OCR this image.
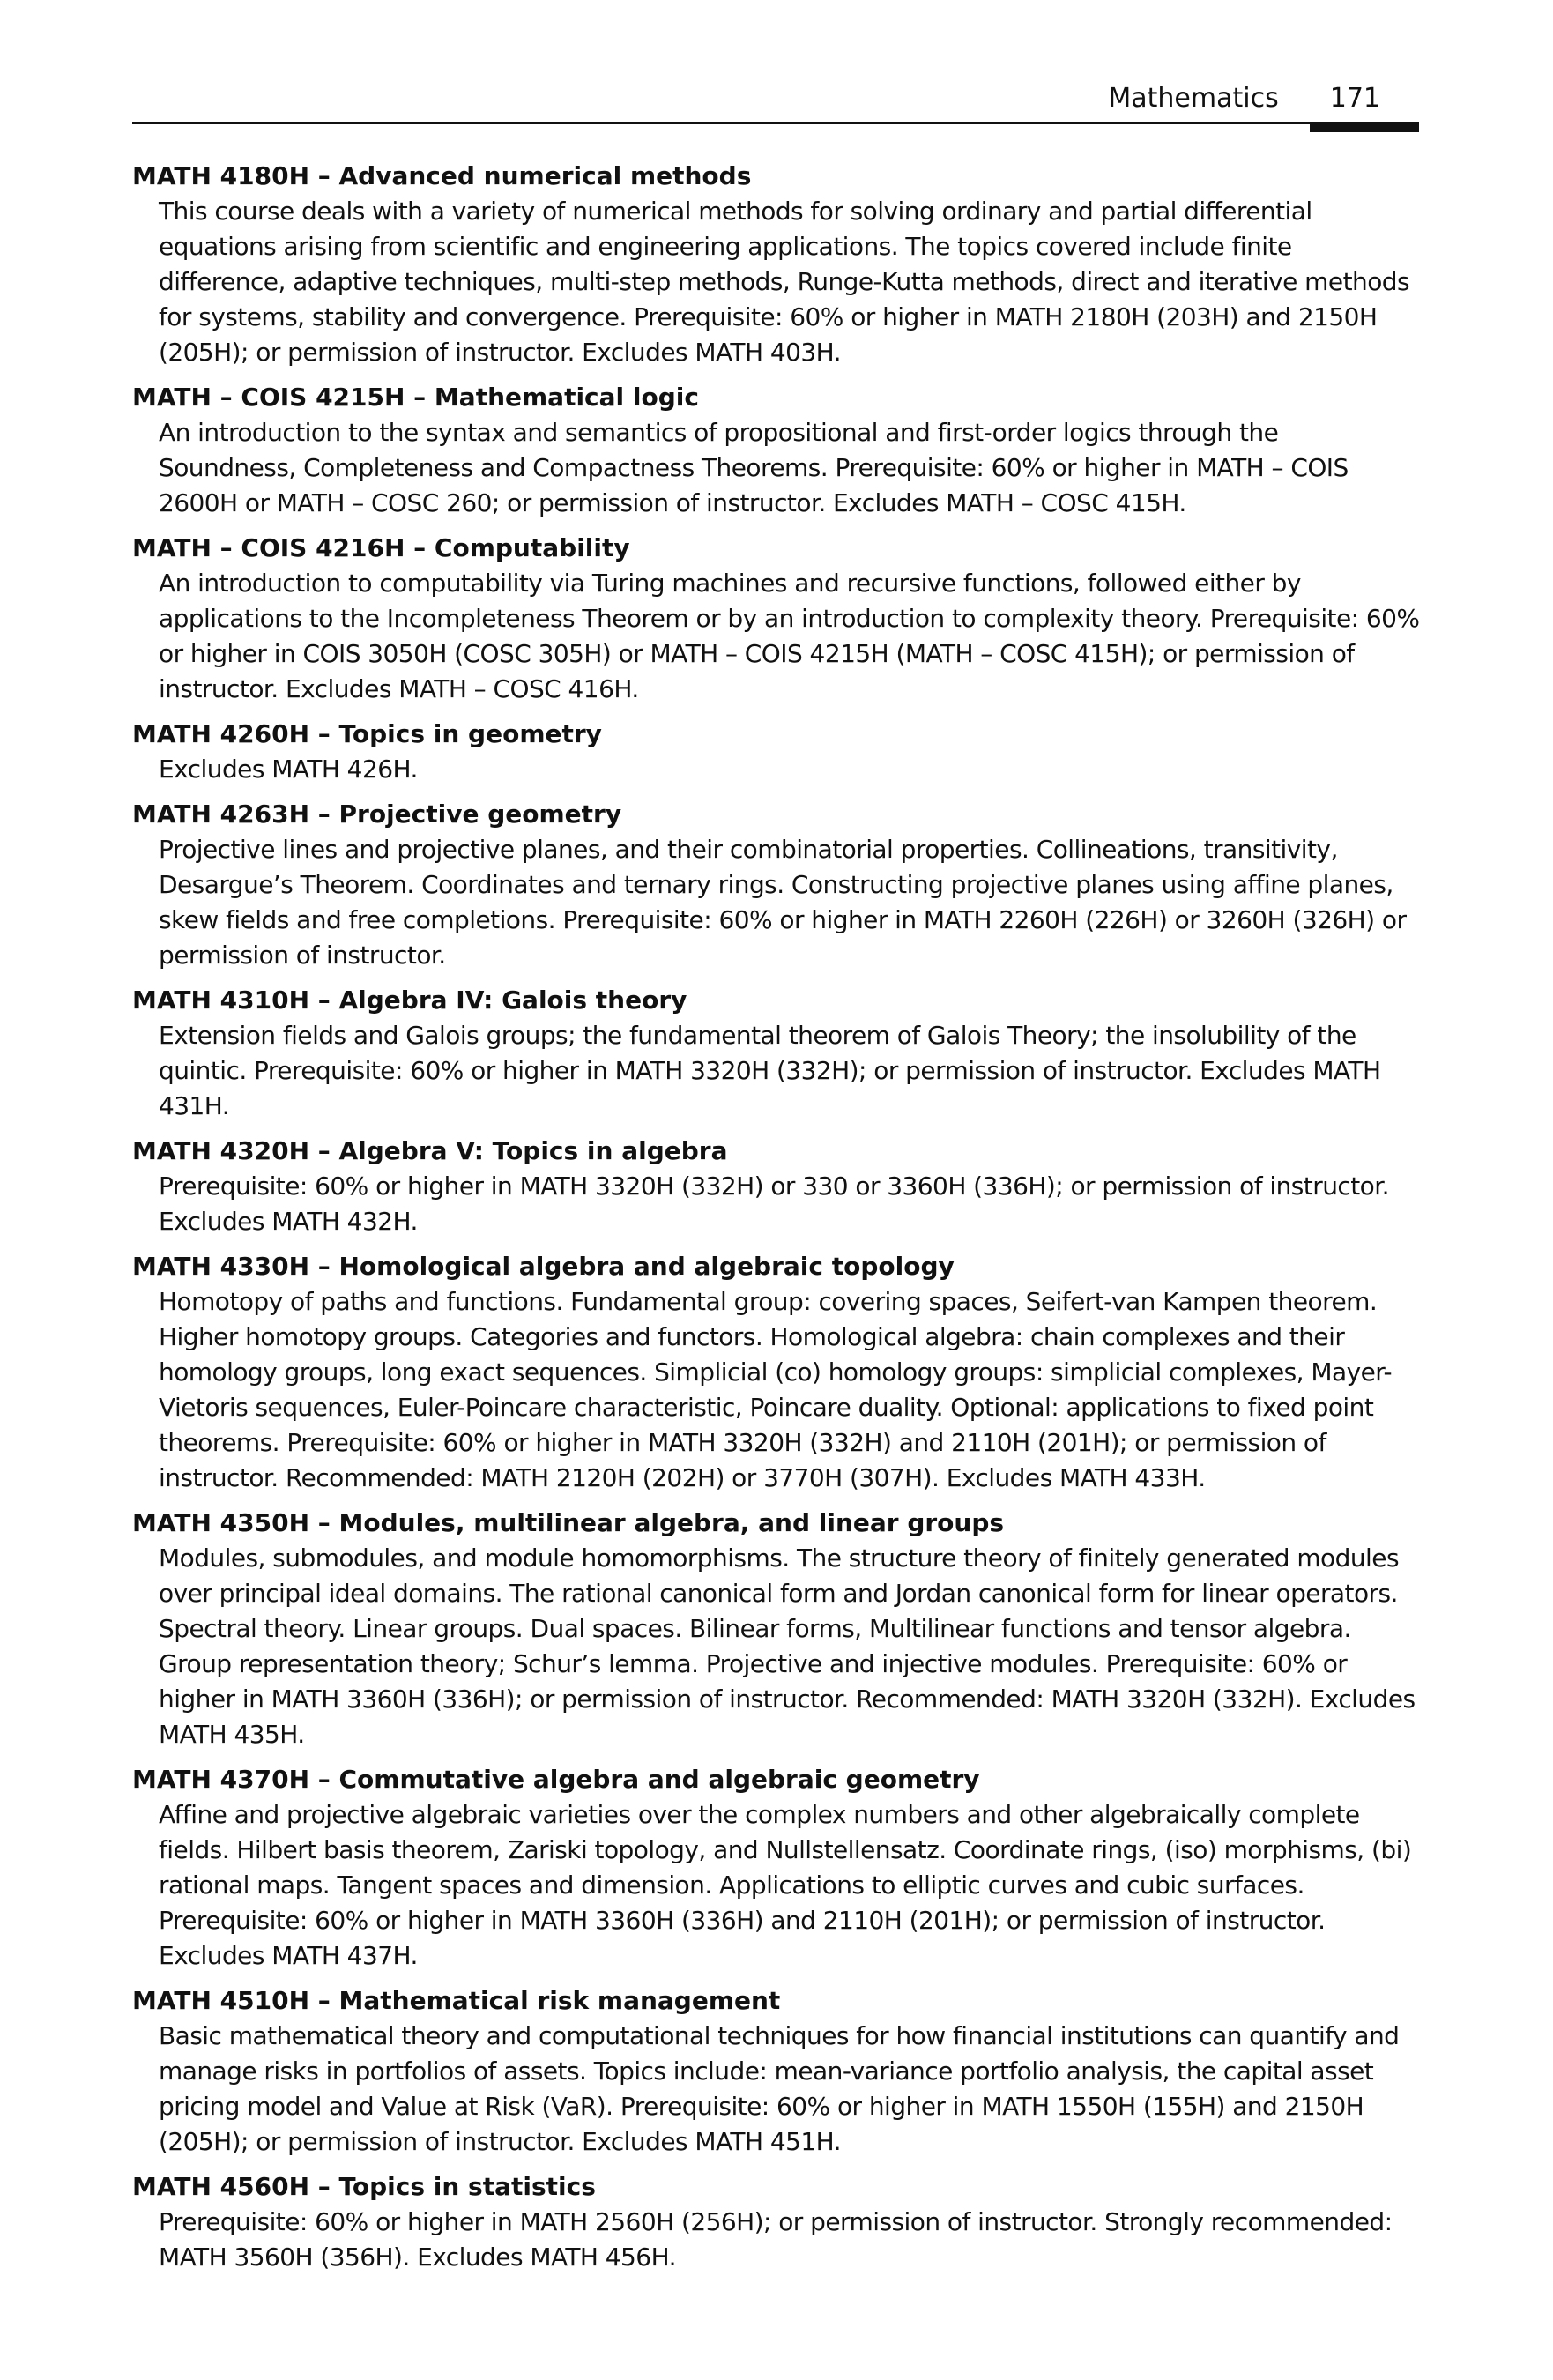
Mathematics 171

MATH 4180H – Advanced numerical methods

This course deals with a variety of numerical methods for solving ordinary and partial differential equations arising from scientific and engineering applications. The topics covered include finite difference, adaptive techniques, multi-step methods, Runge-Kutta methods, direct and iterative methods for systems, stability and convergence. Prerequisite: 60% or higher in MATH 2180H (203H) and 2150H (205H); or permission of instructor. Excludes MATH 403H.

MATH – COIS 4215H – Mathematical logic

An introduction to the syntax and semantics of propositional and first-order logics through the Soundness, Completeness and Compactness Theorems. Prerequisite: 60% or higher in MATH – COIS 2600H or MATH – COSC 260; or permission of instructor. Excludes MATH – COSC 415H.

MATH – COIS 4216H – Computability

An introduction to computability via Turing machines and recursive functions, followed either by applications to the Incompleteness Theorem or by an introduction to complexity theory. Prerequisite: 60% or higher in COIS 3050H (COSC 305H) or MATH – COIS 4215H (MATH – COSC 415H); or permission of instructor. Excludes MATH – COSC 416H.

MATH 4260H – Topics in geometry

Excludes MATH 426H.

MATH 4263H – Projective geometry

Projective lines and projective planes, and their combinatorial properties. Collineations, transitivity, Desargue’s Theorem. Coordinates and ternary rings. Constructing projective planes using affine planes, skew fields and free completions. Prerequisite: 60% or higher in MATH 2260H (226H) or 3260H (326H) or permission of instructor.

MATH 4310H – Algebra IV: Galois theory

Extension fields and Galois groups; the fundamental theorem of Galois Theory; the insolubility of the quintic. Prerequisite: 60% or higher in MATH 3320H (332H); or permission of instructor. Excludes MATH 431H.

MATH 4320H – Algebra V: Topics in algebra

Prerequisite: 60% or higher in MATH 3320H (332H) or 330 or 3360H (336H); or permission of instructor. Excludes MATH 432H.

MATH 4330H – Homological algebra and algebraic topology

Homotopy of paths and functions. Fundamental group: covering spaces, Seifert-van Kampen theorem. Higher homotopy groups. Categories and functors. Homological algebra: chain complexes and their homology groups, long exact sequences. Simplicial (co) homology groups: simplicial complexes, Mayer-Vietoris sequences, Euler-Poincare characteristic, Poincare duality. Optional: applications to fixed point theorems. Prerequisite: 60% or higher in MATH 3320H (332H) and 2110H (201H); or permission of instructor. Recommended: MATH 2120H (202H) or 3770H (307H). Excludes MATH 433H.

MATH 4350H – Modules, multilinear algebra, and linear groups

Modules, submodules, and module homomorphisms. The structure theory of finitely generated modules over principal ideal domains. The rational canonical form and Jordan canonical form for linear operators. Spectral theory. Linear groups. Dual spaces. Bilinear forms, Multilinear functions and tensor algebra. Group representation theory; Schur’s lemma. Projective and injective modules. Prerequisite: 60% or higher in MATH 3360H (336H); or permission of instructor. Recommended: MATH 3320H (332H). Excludes MATH 435H.

MATH 4370H – Commutative algebra and algebraic geometry

Affine and projective algebraic varieties over the complex numbers and other algebraically complete fields. Hilbert basis theorem, Zariski topology, and Nullstellensatz. Coordinate rings, (iso) morphisms, (bi) rational maps. Tangent spaces and dimension. Applications to elliptic curves and cubic surfaces. Prerequisite: 60% or higher in MATH 3360H (336H) and 2110H (201H); or permission of instructor. Excludes MATH 437H.

MATH 4510H – Mathematical risk management

Basic mathematical theory and computational techniques for how financial institutions can quantify and manage risks in portfolios of assets. Topics include: mean-variance portfolio analysis, the capital asset pricing model and Value at Risk (VaR). Prerequisite: 60% or higher in MATH 1550H (155H) and 2150H (205H); or permission of instructor. Excludes MATH 451H.

MATH 4560H – Topics in statistics

Prerequisite: 60% or higher in MATH 2560H (256H); or permission of instructor. Strongly recommended: MATH 3560H (356H). Excludes MATH 456H.
